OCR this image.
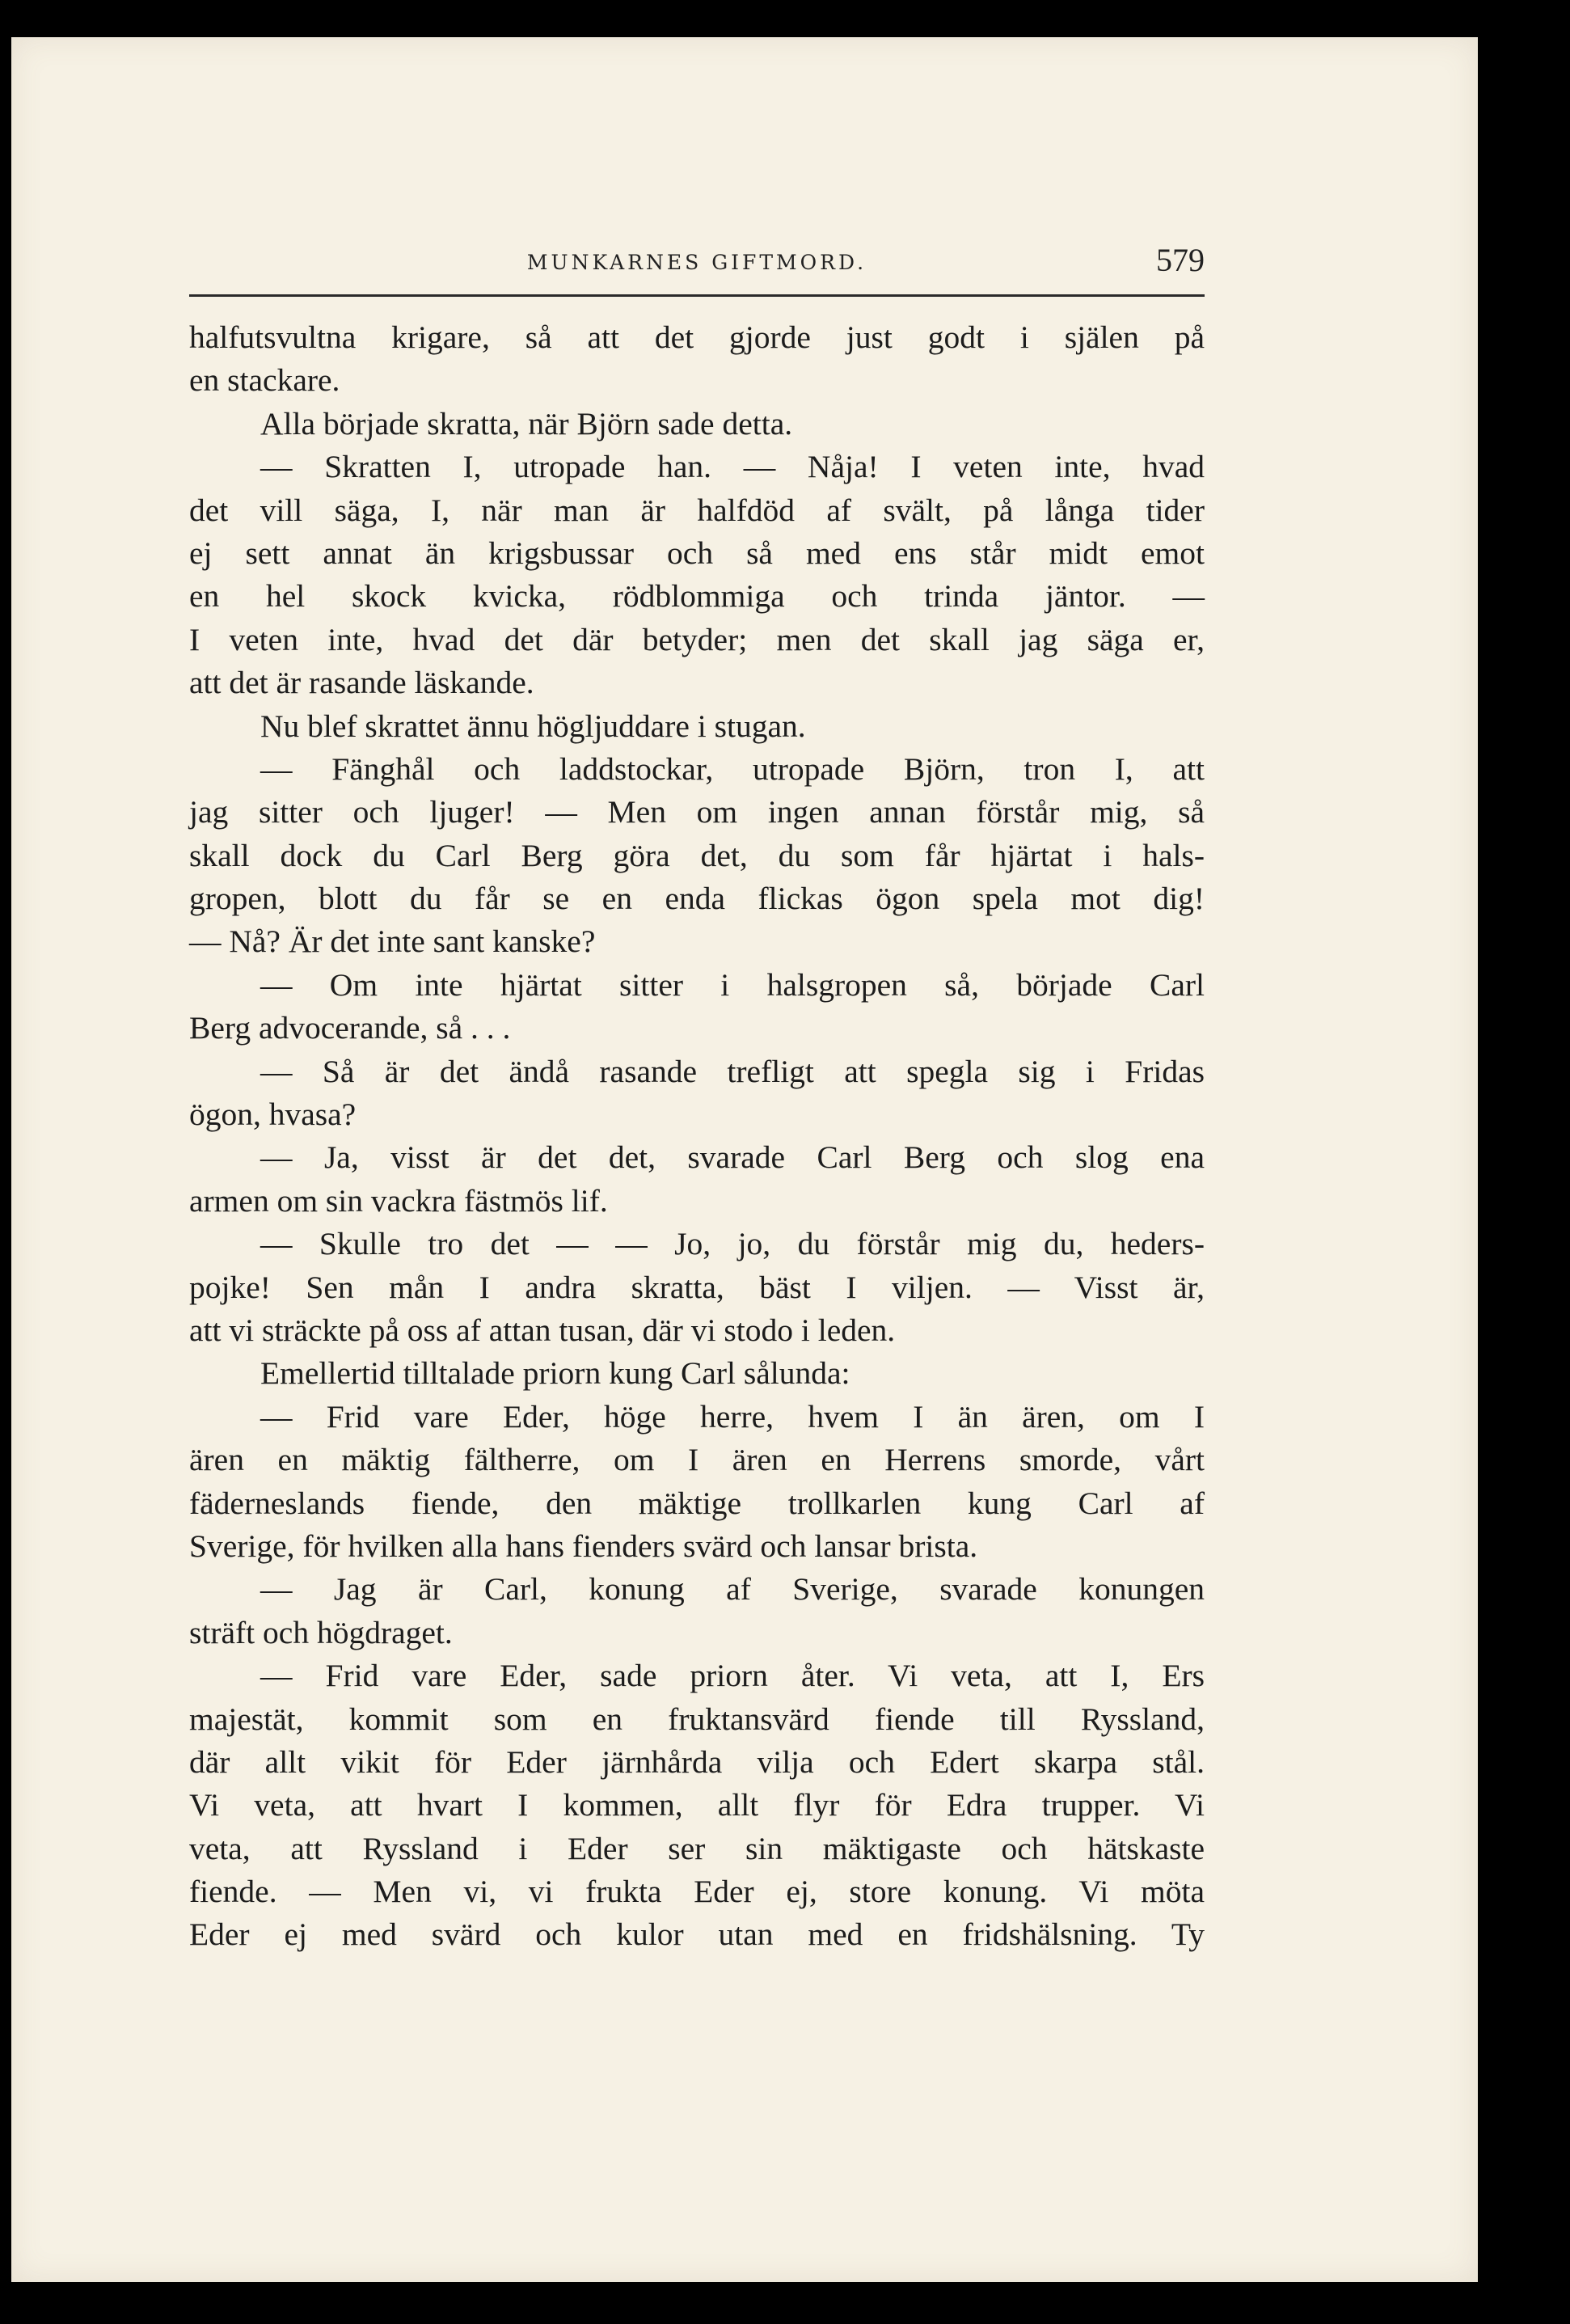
MUNKARNES GIFTMORD.	579
halfutsvultna krigare, så att det gjorde just godt i själen på
en stackare.
Alla började skratta, när Björn sade detta.
— Skratten I, utropade han. — Nåja! I veten inte, hvad
det vill säga, I, när man är halfdöd af svält, på långa tider
ej sett annat än krigsbussar och så med ens står midt emot
en hel skock kvicka, rödblommiga och trinda jäntor. —
I veten inte, hvad det där betyder; men det skall jag säga er,
att det är rasande läskande.
Nu blef skrattet ännu högljuddare i stugan.
— Fänghål och laddstockar, utropade Björn, tron I, att
jag sitter och ljuger! — Men om ingen annan förstår mig, så
skall dock du Carl Berg göra det, du som får hjärtat i hals-
gropen, blott du får se en enda flickas ögon spela mot dig!
— Nå? Är det inte sant kanske?
— Om inte hjärtat sitter i halsgropen så, började Carl
Berg advocerande, så . . .
— Så är det ändå rasande trefligt att spegla sig i Fridas
ögon, hvasa?
— Ja, visst är det det, svarade Carl Berg och slog ena
armen om sin vackra fästmös lif.
— Skulle tro det — — Jo, jo, du förstår mig du, heders-
pojke! Sen mån I andra skratta, bäst I viljen. — Visst är,
att vi sträckte på oss af attan tusan, där vi stodo i leden.
Emellertid tilltalade priorn kung Carl sålunda:
— Frid vare Eder, höge herre, hvem I än ären, om I
ären en mäktig fältherre, om I ären en Herrens smorde, vårt
fäderneslands fiende, den mäktige trollkarlen kung Carl af
Sverige, för hvilken alla hans fienders svärd och lansar brista.
— Jag är Carl, konung af Sverige, svarade konungen
sträft och högdraget.
— Frid vare Eder, sade priorn åter. Vi veta, att I, Ers
majestät, kommit som en fruktansvärd fiende till Ryssland,
där allt vikit för Eder järnhårda vilja och Edert skarpa stål.
Vi veta, att hvart I kommen, allt flyr för Edra trupper. Vi
veta, att Ryssland i Eder ser sin mäktigaste och hätskaste
fiende. — Men vi, vi frukta Eder ej, store konung. Vi möta
Eder ej med svärd och kulor utan med en fridshälsning. Ty
